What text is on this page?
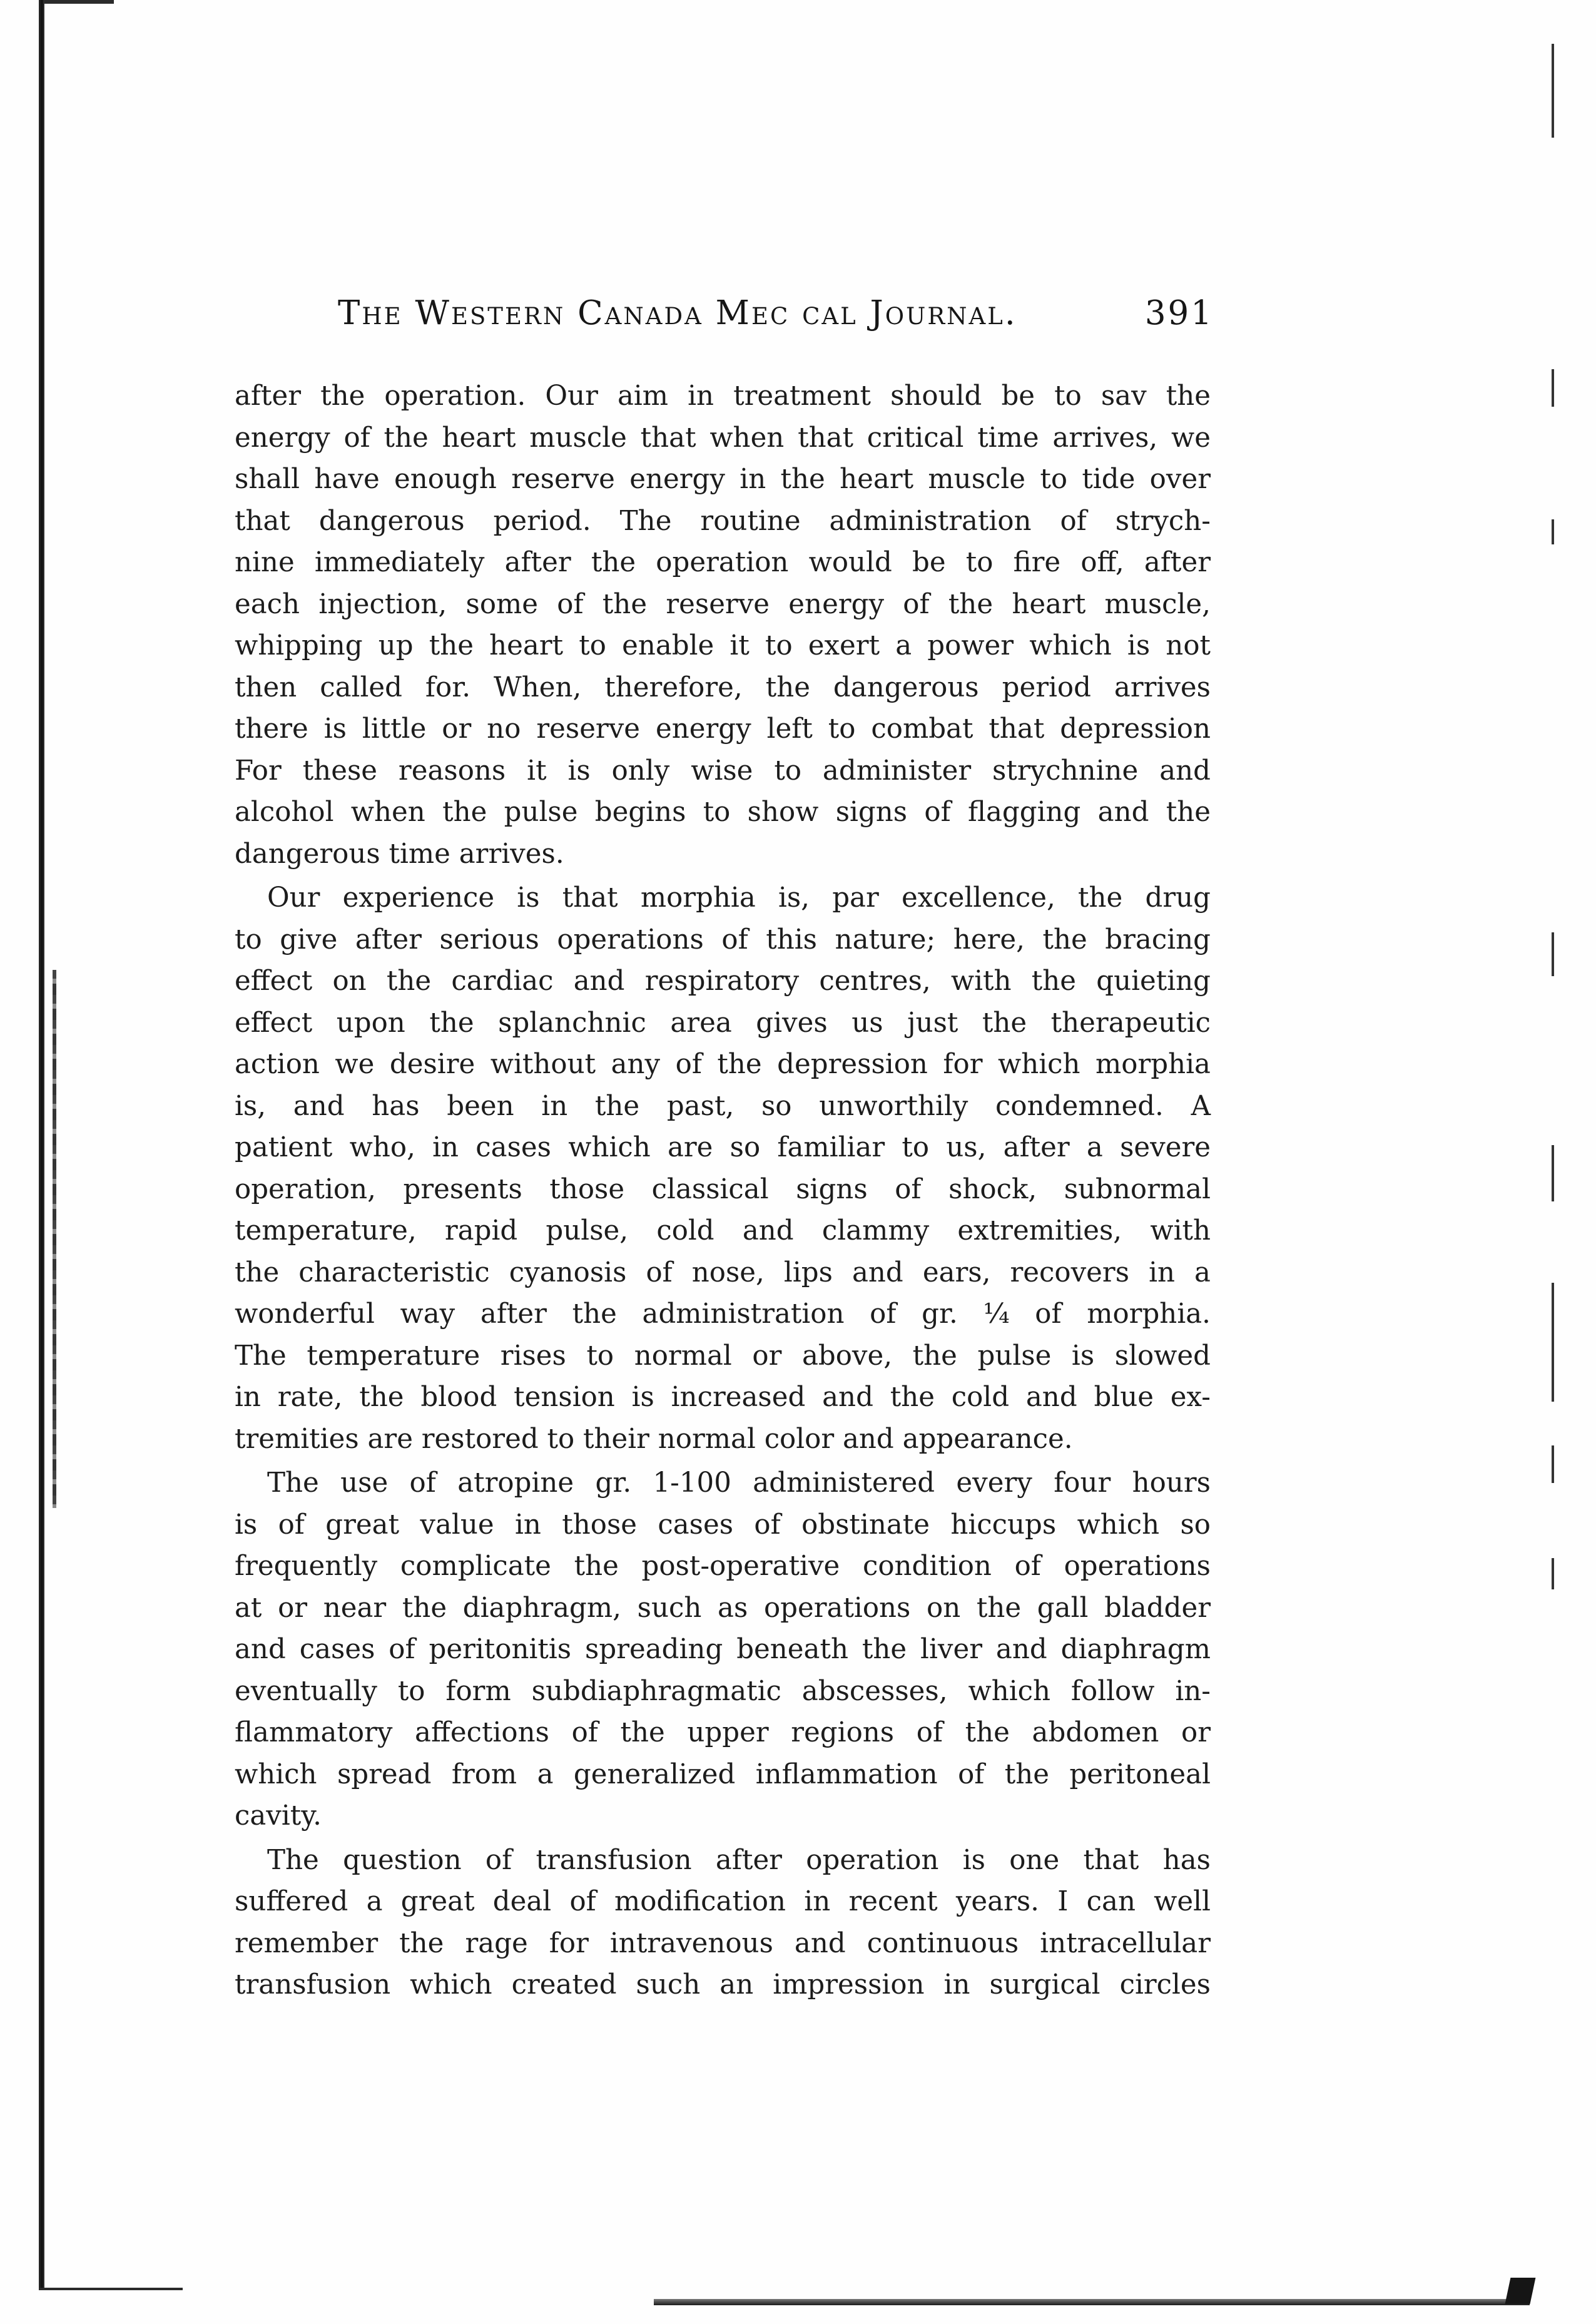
The Western Canada Mec cal Journal.	391

after the operation. Our aim in treatment should be to sav the
energy of the heart muscle that when that critical time arrives, we
shall have enough reserve energy in the heart muscle to tide over
that dangerous period. The routine administration of strych-
nine immediately after the operation would be to fire off, after
each injection, some of the reserve energy of the heart muscle,
whipping up the heart to enable it to exert a power which is not
then called for. When, therefore, the dangerous period arrives
there is little or no reserve energy left to combat that depression
For these reasons it is only wise to administer strychnine and
alcohol when the pulse begins to show signs of flagging and the
dangerous time arrives.

Our experience is that morphia is, par excellence, the drug
to give after serious operations of this nature; here, the bracing
effect on the cardiac and respiratory centres, with the quieting
effect upon the splanchnic area gives us just the therapeutic
action we desire without any of the depression for which morphia
is, and has been in the past, so unworthily condemned. A
patient who, in cases which are so familiar to us, after a severe
operation, presents those classical signs of shock, subnormal
temperature, rapid pulse, cold and clammy extremities, with
the characteristic cyanosis of nose, lips and ears, recovers in a
wonderful way after the administration of gr. ¼ of morphia.
The temperature rises to normal or above, the pulse is slowed
in rate, the blood tension is increased and the cold and blue ex-
tremities are restored to their normal color and appearance.

The use of atropine gr. 1-100 administered every four hours
is of great value in those cases of obstinate hiccups which so
frequently complicate the post-operative condition of operations
at or near the diaphragm, such as operations on the gall bladder
and cases of peritonitis spreading beneath the liver and diaphragm
eventually to form subdiaphragmatic abscesses, which follow in-
flammatory affections of the upper regions of the abdomen or
which spread from a generalized inflammation of the peritoneal
cavity.

The question of transfusion after operation is one that has
suffered a great deal of modification in recent years. I can well
remember the rage for intravenous and continuous intracellular
transfusion which created such an impression in surgical circles
